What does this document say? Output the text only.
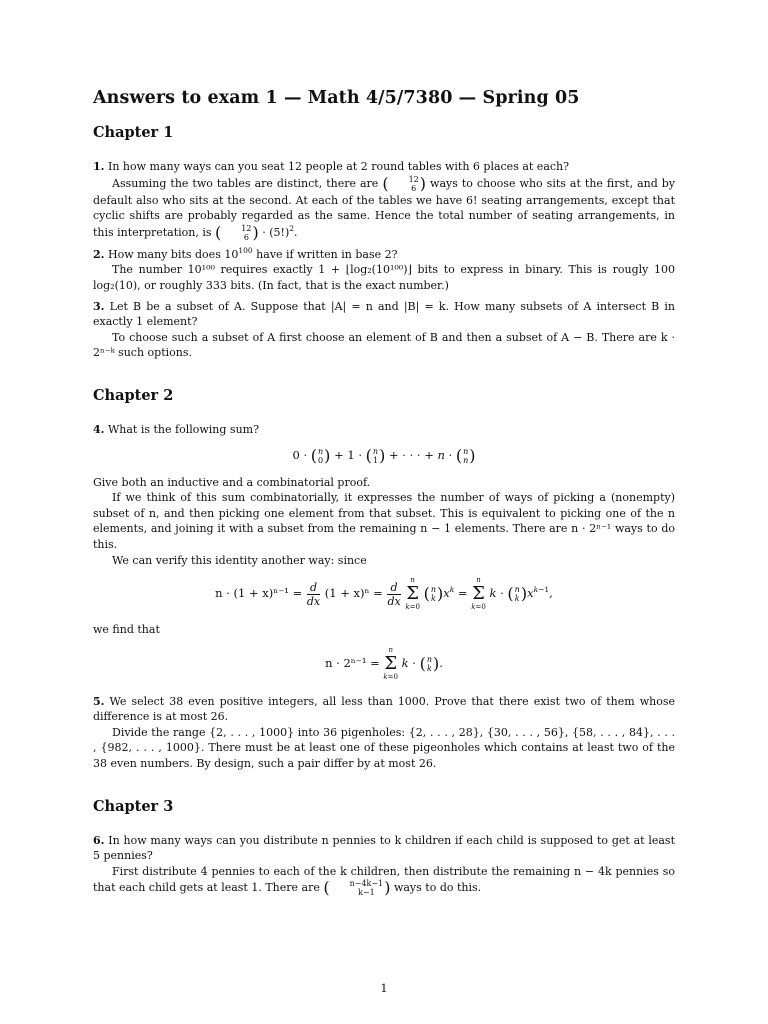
Answers to exam 1 — Math 4/5/7380 — Spring 05
Chapter 1
1. In how many ways can you seat 12 people at 2 round tables with 6 places at each?
Assuming the two tables are distinct, there are (	12
6 ) ways to choose who sits at the first, and by default also who sits at the second. At each of the tables we have 6! seating arrangements, except that cyclic shifts are probably regarded as the same. Hence the total number of seating arrangements, in this interpretation, is (	12
6 ) · $(5!)^2$.
2. How many bits does $10^{100}$ have if written in base 2?
The number 10¹⁰⁰ requires exactly 1 + ⌊log₂(10¹⁰⁰)⌋ bits to express in binary. This is rougly 100 log₂(10), or roughly 333 bits. (In fact, that is the exact number.)
3. Let B be a subset of A. Suppose that |A| = n and |B| = k. How many subsets of A intersect B in exactly 1 element?
To choose such a subset of A first choose an element of B and then a subset of A − B. There are k · 2ⁿ⁻ᵏ such options.
Chapter 2
4. What is the following sum?
0 · ( n
0 ) + 1 · ( n
1 ) + · · · + n · ( n
n )
Give both an inductive and a combinatorial proof.
If we think of this sum combinatorially, it expresses the number of ways of picking a (nonempty) subset of n, and then picking one element from that subset. This is equivalent to picking one of the n elements, and joining it with a subset from the remaining n − 1 elements. There are n · 2ⁿ⁻¹ ways to do this.
We can verify this identity another way: since
$n \cdot (1 + x)^{n-1} = \frac{d}{dx} (1 + x)^n = \frac{d}{dx}$
n
Σ
k=0 ( n
k )$x^k = n$
Σ
k=0 k · ( n
k )$x^{k-1}$,
we find that
n · 2ⁿ⁻¹ = n
Σ
k=0 k · ( n
k ).
5. We select 38 even positive integers, all less than 1000. Prove that there exist two of them whose difference is at most 26.
Divide the range {2, . . . , 1000} into 36 pigenholes: {2, . . . , 28}, {30, . . . , 56}, {58, . . . , 84}, . . . , {982, . . . , 1000}. There must be at least one of these pigeonholes which contains at least two of the 38 even numbers. By design, such a pair differ by at most 26.
Chapter 3
6. In how many ways can you distribute n pennies to k children if each child is supposed to get at least 5 pennies?
First distribute 4 pennies to each of the k children, then distribute the remaining n − 4k pennies so that each child gets at least 1. There are (	n−4k−1
k−1 ) ways to do this.
1
